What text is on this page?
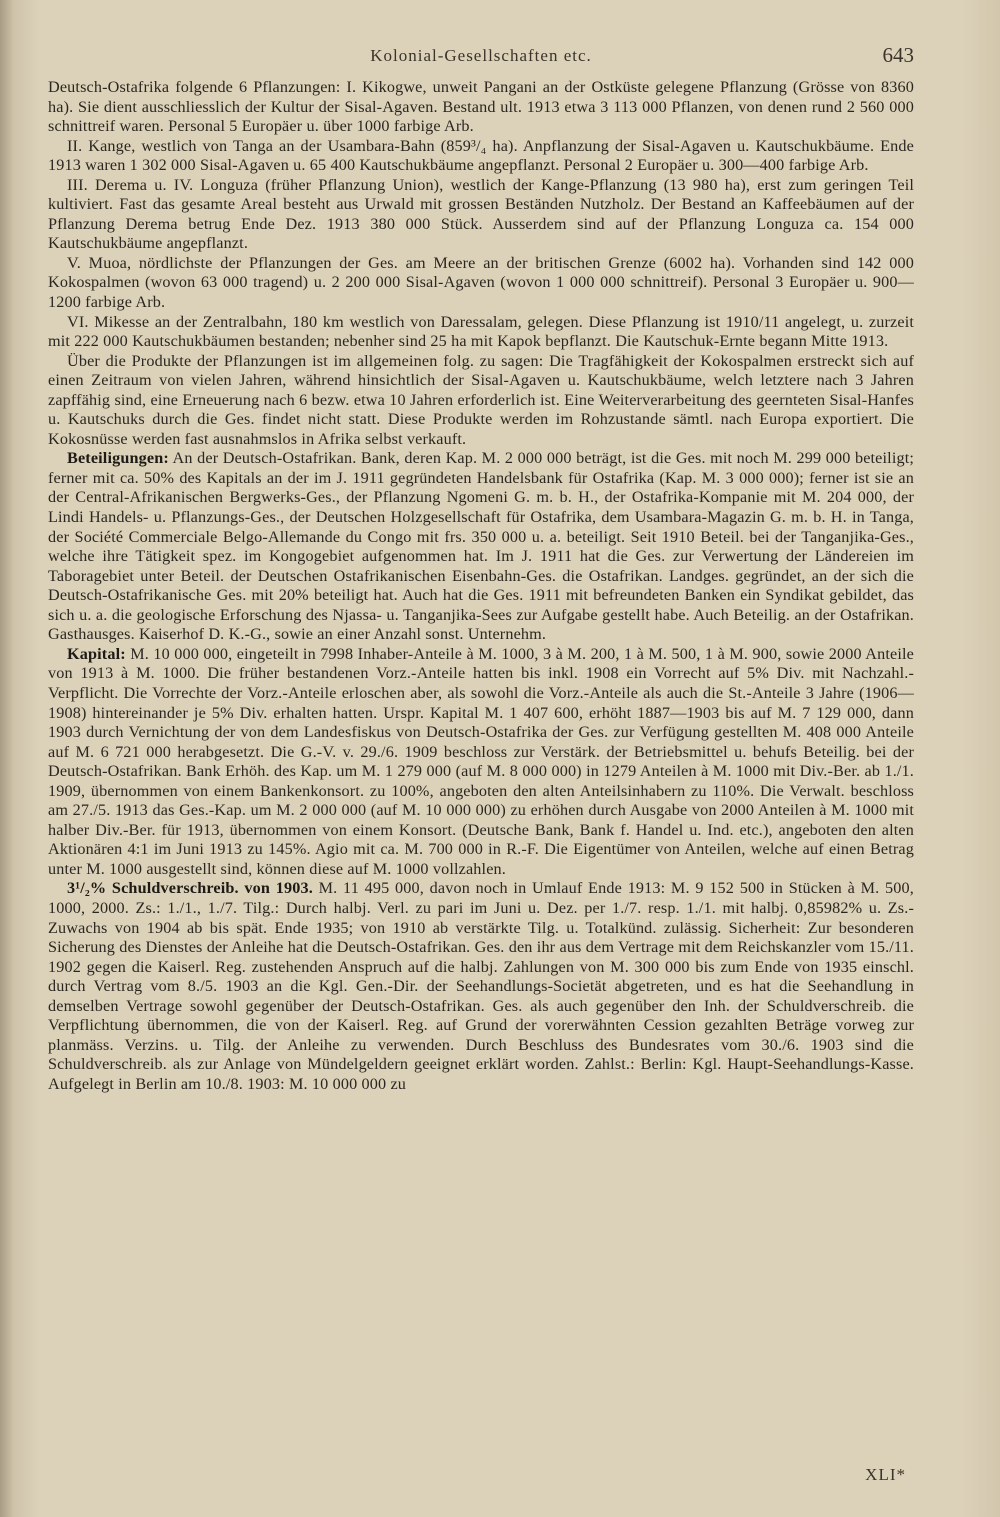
Kolonial-Gesellschaften etc.	643

Deutsch-Ostafrika folgende 6 Pflanzungen: I. Kikogwe, unweit Pangani an der Ostküste gelegene Pflanzung (Grösse von 8360 ha). Sie dient ausschliesslich der Kultur der Sisal-Agaven. Bestand ult. 1913 etwa 3 113 000 Pflanzen, von denen rund 2 560 000 schnittreif waren. Personal 5 Europäer u. über 1000 farbige Arb.

II. Kange, westlich von Tanga an der Usambara-Bahn (859³/₄ ha). Anpflanzung der Sisal-Agaven u. Kautschukbäume. Ende 1913 waren 1 302 000 Sisal-Agaven u. 65 400 Kautschukbäume angepflanzt. Personal 2 Europäer u. 300—400 farbige Arb.

III. Derema u. IV. Longuza (früher Pflanzung Union), westlich der Kange-Pflanzung (13 980 ha), erst zum geringen Teil kultiviert. Fast das gesamte Areal besteht aus Urwald mit grossen Beständen Nutzholz. Der Bestand an Kaffeebäumen auf der Pflanzung Derema betrug Ende Dez. 1913 380 000 Stück. Ausserdem sind auf der Pflanzung Longuza ca. 154 000 Kautschukbäume angepflanzt.

V. Muoa, nördlichste der Pflanzungen der Ges. am Meere an der britischen Grenze (6002 ha). Vorhanden sind 142 000 Kokospalmen (wovon 63 000 tragend) u. 2 200 000 Sisal-Agaven (wovon 1 000 000 schnittreif). Personal 3 Europäer u. 900—1200 farbige Arb.

VI. Mikesse an der Zentralbahn, 180 km westlich von Daressalam, gelegen. Diese Pflanzung ist 1910/11 angelegt, u. zurzeit mit 222 000 Kautschukbäumen bestanden; nebenher sind 25 ha mit Kapok bepflanzt. Die Kautschuk-Ernte begann Mitte 1913.

Über die Produkte der Pflanzungen ist im allgemeinen folg. zu sagen: Die Tragfähigkeit der Kokospalmen erstreckt sich auf einen Zeitraum von vielen Jahren, während hinsichtlich der Sisal-Agaven u. Kautschukbäume, welch letztere nach 3 Jahren zapffähig sind, eine Erneuerung nach 6 bezw. etwa 10 Jahren erforderlich ist. Eine Weiterverarbeitung des geernteten Sisal-Hanfes u. Kautschuks durch die Ges. findet nicht statt. Diese Produkte werden im Rohzustande sämtl. nach Europa exportiert. Die Kokosnüsse werden fast ausnahmslos in Afrika selbst verkauft.

Beteiligungen: An der Deutsch-Ostafrikan. Bank, deren Kap. M. 2 000 000 beträgt, ist die Ges. mit noch M. 299 000 beteiligt; ferner mit ca. 50% des Kapitals an der im J. 1911 gegründeten Handelsbank für Ostafrika (Kap. M. 3 000 000); ferner ist sie an der Central-Afrikanischen Bergwerks-Ges., der Pflanzung Ngomeni G. m. b. H., der Ostafrika-Kompanie mit M. 204 000, der Lindi Handels- u. Pflanzungs-Ges., der Deutschen Holzgesellschaft für Ostafrika, dem Usambara-Magazin G. m. b. H. in Tanga, der Société Commerciale Belgo-Allemande du Congo mit frs. 350 000 u. a. beteiligt. Seit 1910 Beteil. bei der Tanganjika-Ges., welche ihre Tätigkeit spez. im Kongogebiet aufgenommen hat. Im J. 1911 hat die Ges. zur Verwertung der Ländereien im Taboragebiet unter Beteil. der Deutschen Ostafrikanischen Eisenbahn-Ges. die Ostafrikan. Landges. gegründet, an der sich die Deutsch-Ostafrikanische Ges. mit 20% beteiligt hat. Auch hat die Ges. 1911 mit befreundeten Banken ein Syndikat gebildet, das sich u. a. die geologische Erforschung des Njassa- u. Tanganjika-Sees zur Aufgabe gestellt habe. Auch Beteilig. an der Ostafrikan. Gasthausges. Kaiserhof D. K.-G., sowie an einer Anzahl sonst. Unternehm.

Kapital: M. 10 000 000, eingeteilt in 7998 Inhaber-Anteile à M. 1000, 3 à M. 200, 1 à M. 500, 1 à M. 900, sowie 2000 Anteile von 1913 à M. 1000. Die früher bestandenen Vorz.-Anteile hatten bis inkl. 1908 ein Vorrecht auf 5% Div. mit Nachzahl.-Verpflicht. Die Vorrechte der Vorz.-Anteile erloschen aber, als sowohl die Vorz.-Anteile als auch die St.-Anteile 3 Jahre (1906—1908) hintereinander je 5% Div. erhalten hatten. Urspr. Kapital M. 1 407 600, erhöht 1887—1903 bis auf M. 7 129 000, dann 1903 durch Vernichtung der von dem Landesfiskus von Deutsch-Ostafrika der Ges. zur Verfügung gestellten M. 408 000 Anteile auf M. 6 721 000 herabgesetzt. Die G.-V. v. 29./6. 1909 beschloss zur Verstärk. der Betriebsmittel u. behufs Beteilig. bei der Deutsch-Ostafrikan. Bank Erhöh. des Kap. um M. 1 279 000 (auf M. 8 000 000) in 1279 Anteilen à M. 1000 mit Div.-Ber. ab 1./1. 1909, übernommen von einem Bankenkonsort. zu 100%, angeboten den alten Anteilsinhabern zu 110%. Die Verwalt. beschloss am 27./5. 1913 das Ges.-Kap. um M. 2 000 000 (auf M. 10 000 000) zu erhöhen durch Ausgabe von 2000 Anteilen à M. 1000 mit halber Div.-Ber. für 1913, übernommen von einem Konsort. (Deutsche Bank, Bank f. Handel u. Ind. etc.), angeboten den alten Aktionären 4:1 im Juni 1913 zu 145%. Agio mit ca. M. 700 000 in R.-F. Die Eigentümer von Anteilen, welche auf einen Betrag unter M. 1000 ausgestellt sind, können diese auf M. 1000 vollzahlen.

3¹/₂% Schuldverschreib. von 1903. M. 11 495 000, davon noch in Umlauf Ende 1913: M. 9 152 500 in Stücken à M. 500, 1000, 2000. Zs.: 1./1., 1./7. Tilg.: Durch halbj. Verl. zu pari im Juni u. Dez. per 1./7. resp. 1./1. mit halbj. 0,85982% u. Zs.-Zuwachs von 1904 ab bis spät. Ende 1935; von 1910 ab verstärkte Tilg. u. Totalkünd. zulässig. Sicherheit: Zur besonderen Sicherung des Dienstes der Anleihe hat die Deutsch-Ostafrikan. Ges. den ihr aus dem Vertrage mit dem Reichskanzler vom 15./11. 1902 gegen die Kaiserl. Reg. zustehenden Anspruch auf die halbj. Zahlungen von M. 300 000 bis zum Ende von 1935 einschl. durch Vertrag vom 8./5. 1903 an die Kgl. Gen.-Dir. der Seehandlungs-Societät abgetreten, und es hat die Seehandlung in demselben Vertrage sowohl gegenüber der Deutsch-Ostafrikan. Ges. als auch gegenüber den Inh. der Schuldverschreib. die Verpflichtung übernommen, die von der Kaiserl. Reg. auf Grund der vorerwähnten Cession gezahlten Beträge vorweg zur planmäss. Verzins. u. Tilg. der Anleihe zu verwenden. Durch Beschluss des Bundesrates vom 30./6. 1903 sind die Schuldverschreib. als zur Anlage von Mündelgeldern geeignet erklärt worden. Zahlst.: Berlin: Kgl. Haupt-Seehandlungs-Kasse. Aufgelegt in Berlin am 10./8. 1903: M. 10 000 000 zu

XLI*
